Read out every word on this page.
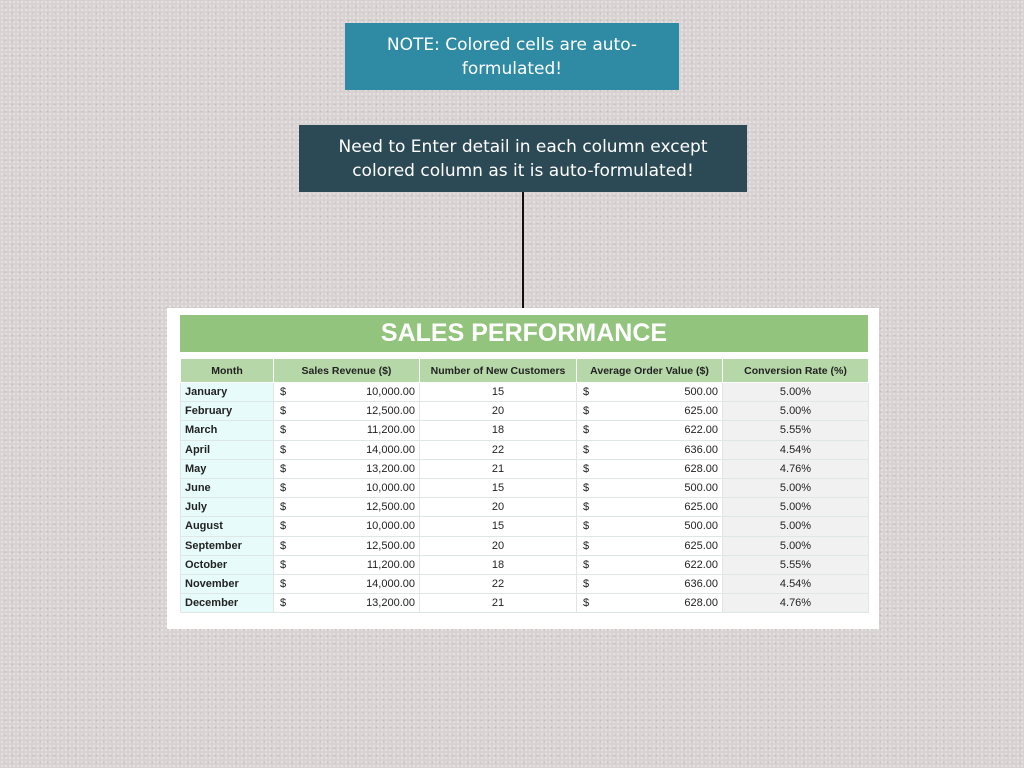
NOTE: Colored cells are auto-formulated!
Need to Enter detail in each column except colored column as it is auto-formulated!
SALES PERFORMANCE
Month	Sales Revenue ($)	Number of New Customers	Average Order Value ($)	Conversion Rate (%)
January	$ 10,000.00	15	$ 500.00	5.00%
February	$ 12,500.00	20	$ 625.00	5.00%
March	$ 11,200.00	18	$ 622.00	5.55%
April	$ 14,000.00	22	$ 636.00	4.54%
May	$ 13,200.00	21	$ 628.00	4.76%
June	$ 10,000.00	15	$ 500.00	5.00%
July	$ 12,500.00	20	$ 625.00	5.00%
August	$ 10,000.00	15	$ 500.00	5.00%
September	$ 12,500.00	20	$ 625.00	5.00%
October	$ 11,200.00	18	$ 622.00	5.55%
November	$ 14,000.00	22	$ 636.00	4.54%
December	$ 13,200.00	21	$ 628.00	4.76%
